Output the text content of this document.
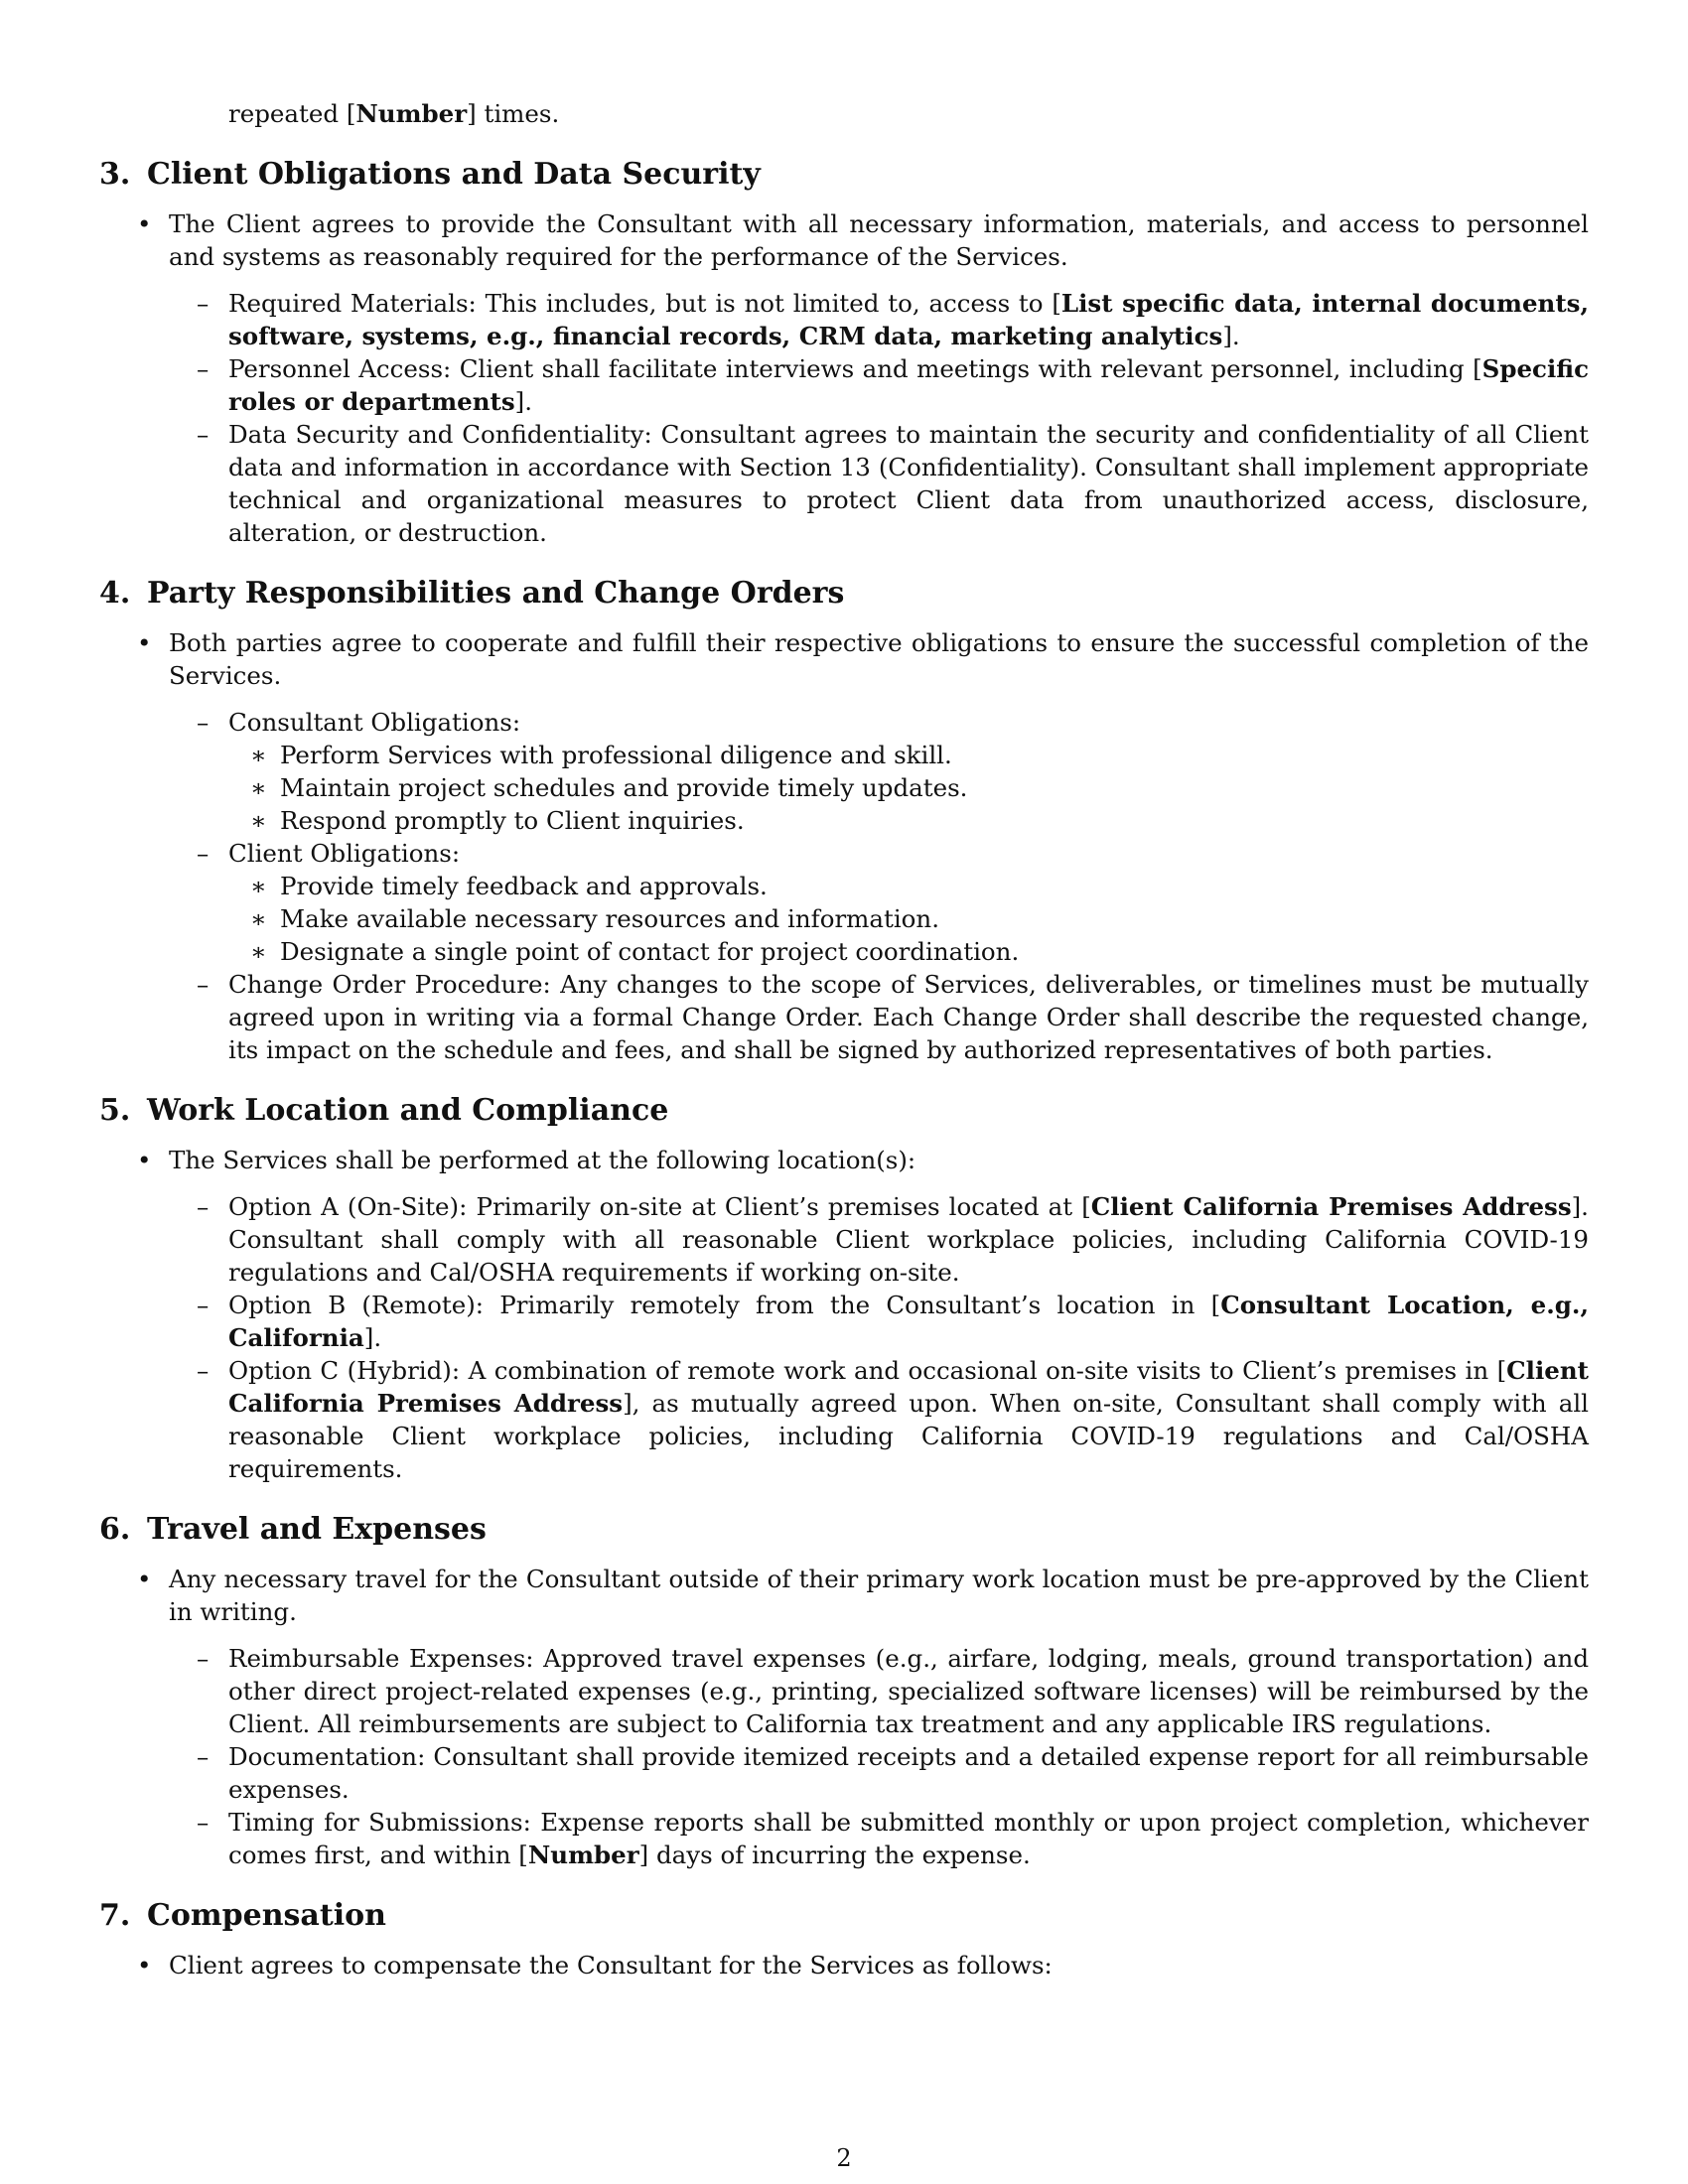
repeated [Number] times.
3. Client Obligations and Data Security
• The Client agrees to provide the Consultant with all necessary information, materials, and access to personnel and systems as reasonably required for the performance of the Services.
– Required Materials: This includes, but is not limited to, access to [List specific data, internal documents, software, systems, e.g., financial records, CRM data, marketing analytics].
– Personnel Access: Client shall facilitate interviews and meetings with relevant personnel, including [Specific roles or departments].
– Data Security and Confidentiality: Consultant agrees to maintain the security and confidentiality of all Client data and information in accordance with Section 13 (Confidentiality). Consultant shall implement appropriate technical and organizational measures to protect Client data from unauthorized access, disclosure, alteration, or destruction.
4. Party Responsibilities and Change Orders
• Both parties agree to cooperate and fulfill their respective obligations to ensure the successful completion of the Services.
– Consultant Obligations:
∗ Perform Services with professional diligence and skill.
∗ Maintain project schedules and provide timely updates.
∗ Respond promptly to Client inquiries.
– Client Obligations:
∗ Provide timely feedback and approvals.
∗ Make available necessary resources and information.
∗ Designate a single point of contact for project coordination.
– Change Order Procedure: Any changes to the scope of Services, deliverables, or timelines must be mutually agreed upon in writing via a formal Change Order. Each Change Order shall describe the requested change, its impact on the schedule and fees, and shall be signed by authorized representatives of both parties.
5. Work Location and Compliance
• The Services shall be performed at the following location(s):
– Option A (On-Site): Primarily on-site at Client’s premises located at [Client California Premises Address]. Consultant shall comply with all reasonable Client workplace policies, including California COVID-19 regulations and Cal/OSHA requirements if working on-site.
– Option B (Remote): Primarily remotely from the Consultant’s location in [Consultant Location, e.g., California].
– Option C (Hybrid): A combination of remote work and occasional on-site visits to Client’s premises in [Client California Premises Address], as mutually agreed upon. When on-site, Consultant shall comply with all reasonable Client workplace policies, including California COVID-19 regulations and Cal/OSHA requirements.
6. Travel and Expenses
• Any necessary travel for the Consultant outside of their primary work location must be pre-approved by the Client in writing.
– Reimbursable Expenses: Approved travel expenses (e.g., airfare, lodging, meals, ground transportation) and other direct project-related expenses (e.g., printing, specialized software licenses) will be reimbursed by the Client. All reimbursements are subject to California tax treatment and any applicable IRS regulations.
– Documentation: Consultant shall provide itemized receipts and a detailed expense report for all reimbursable expenses.
– Timing for Submissions: Expense reports shall be submitted monthly or upon project completion, whichever comes first, and within [Number] days of incurring the expense.
7. Compensation
• Client agrees to compensate the Consultant for the Services as follows:
2
